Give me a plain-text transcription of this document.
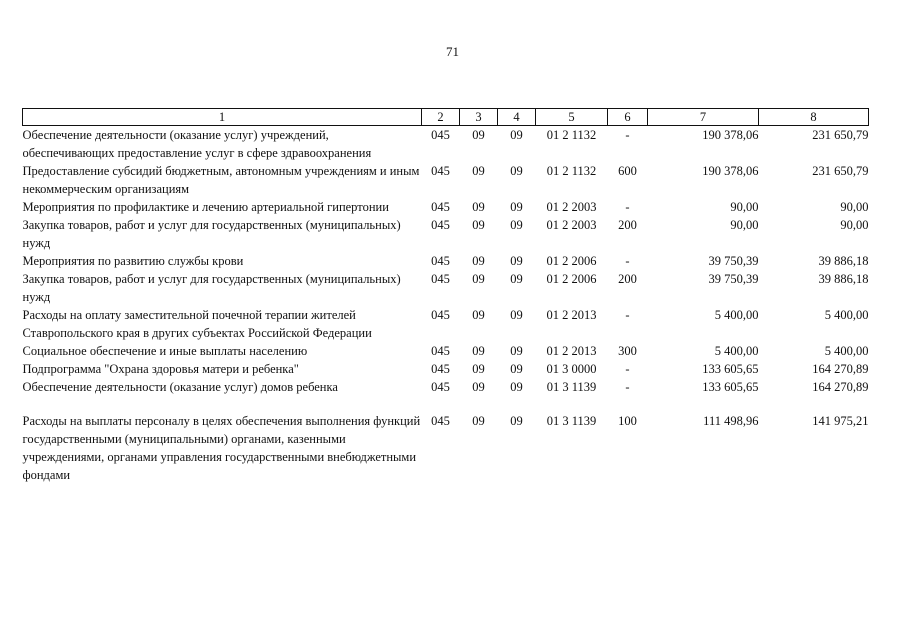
71
1	2	3	4	5	6	7	8
Обеспечение деятельности (оказание услуг) учреждений, обеспечивающих предоставление услуг в сфере здравоохранения	045	09	09	01 2 1132	-	190 378,06	231 650,79
Предоставление субсидий бюджетным, автономным учреждениям и иным некоммерческим организациям	045	09	09	01 2 1132	600	190 378,06	231 650,79
Мероприятия по профилактике и лечению артериальной гипертонии	045	09	09	01 2 2003	-	90,00	90,00
Закупка товаров, работ и услуг для государственных (муниципальных) нужд	045	09	09	01 2 2003	200	90,00	90,00
Мероприятия по развитию службы крови	045	09	09	01 2 2006	-	39 750,39	39 886,18
Закупка товаров, работ и услуг для государственных (муниципальных) нужд	045	09	09	01 2 2006	200	39 750,39	39 886,18
Расходы на оплату заместительной почечной терапии жителей Ставропольского края в других субъектах Российской Федерации	045	09	09	01 2 2013	-	5 400,00	5 400,00
Социальное обеспечение и иные выплаты населению	045	09	09	01 2 2013	300	5 400,00	5 400,00
Подпрограмма "Охрана здоровья матери и ребенка"	045	09	09	01 3 0000	-	133 605,65	164 270,89
Обеспечение деятельности (оказание услуг) домов ребенка	045	09	09	01 3 1139	-	133 605,65	164 270,89

Расходы на выплаты персоналу в целях обеспечения выполнения функций государственными (муниципальными) органами, казенными учреждениями, органами управления государственными внебюджетными фондами	045	09	09	01 3 1139	100	111 498,96	141 975,21
